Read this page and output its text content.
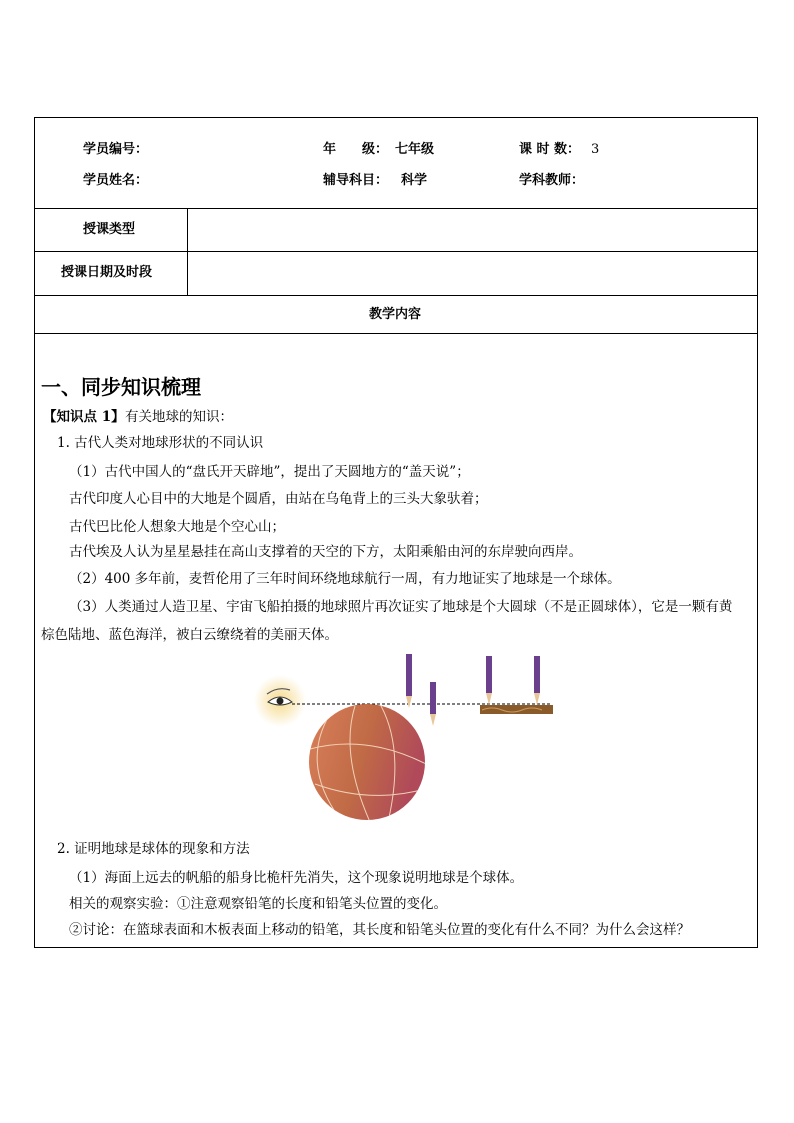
学员编号：	年　　级： 七年级	课 时 数： 3
学员姓名：	辅导科目： 科学	学科教师：
授课类型
授课日期及时段
教学内容
一、同步知识梳理
【知识点 1】 有关地球的知识：
1. 古代人类对地球形状的不同认识
（1）古代中国人的“盘氏开天辟地”，提出了天圆地方的“盖天说”；
古代印度人心目中的大地是个圆盾，由站在乌龟背上的三头大象驮着；
古代巴比伦人想象大地是个空心山；
古代埃及人认为星星悬挂在高山支撑着的天空的下方，太阳乘船由河的东岸驶向西岸。
（2）400 多年前，麦哲伦用了三年时间环绕地球航行一周，有力地证实了地球是一个球体。
（3）人类通过人造卫星、宇宙飞船拍摄的地球照片再次证实了地球是个大圆球（不是正圆球体），它是一颗有黄
棕色陆地、蓝色海洋，被白云缭绕着的美丽天体。
2. 证明地球是球体的现象和方法
（1）海面上远去的帆船的船身比桅杆先消失，这个现象说明地球是个球体。
相关的观察实验：①注意观察铅笔的长度和铅笔头位置的变化。
②讨论：在篮球表面和木板表面上移动的铅笔，其长度和铅笔头位置的变化有什么不同？为什么会这样？
